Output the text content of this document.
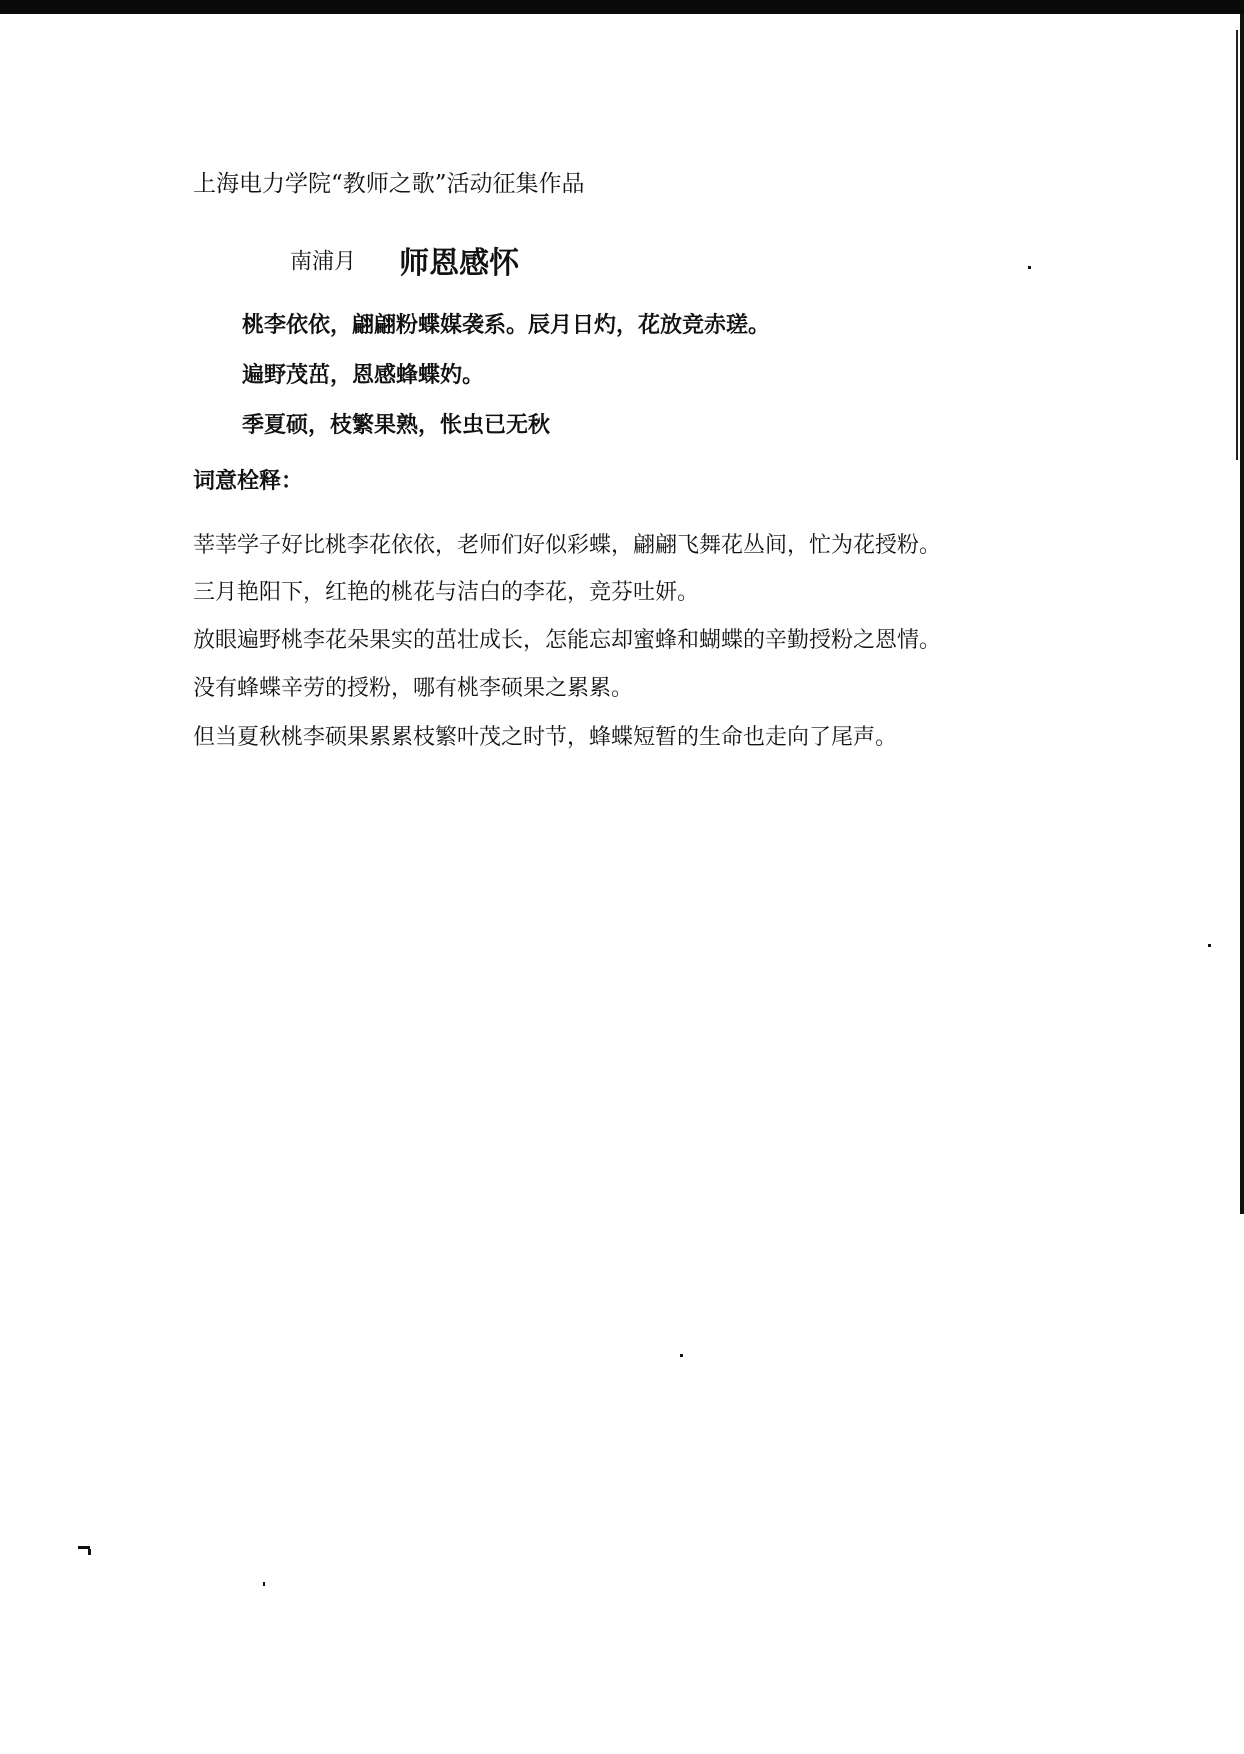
上海电力学院“教师之歌”活动征集作品
南浦月 师恩感怀
桃李依依，翩翩粉蝶媒袭系。辰月日灼，花放竞赤瑳。
遍野茂茁，恩感蜂蝶妁。
季夏硕，枝繁果熟，怅虫已无秋
词意栓释：
莘莘学子好比桃李花依依，老师们好似彩蝶，翩翩飞舞花丛间，忙为花授粉。
三月艳阳下，红艳的桃花与洁白的李花，竞芬吐妍。
放眼遍野桃李花朵果实的茁壮成长，怎能忘却蜜蜂和蝴蝶的辛勤授粉之恩情。
没有蜂蝶辛劳的授粉，哪有桃李硕果之累累。
但当夏秋桃李硕果累累枝繁叶茂之时节，蜂蝶短暂的生命也走向了尾声。
